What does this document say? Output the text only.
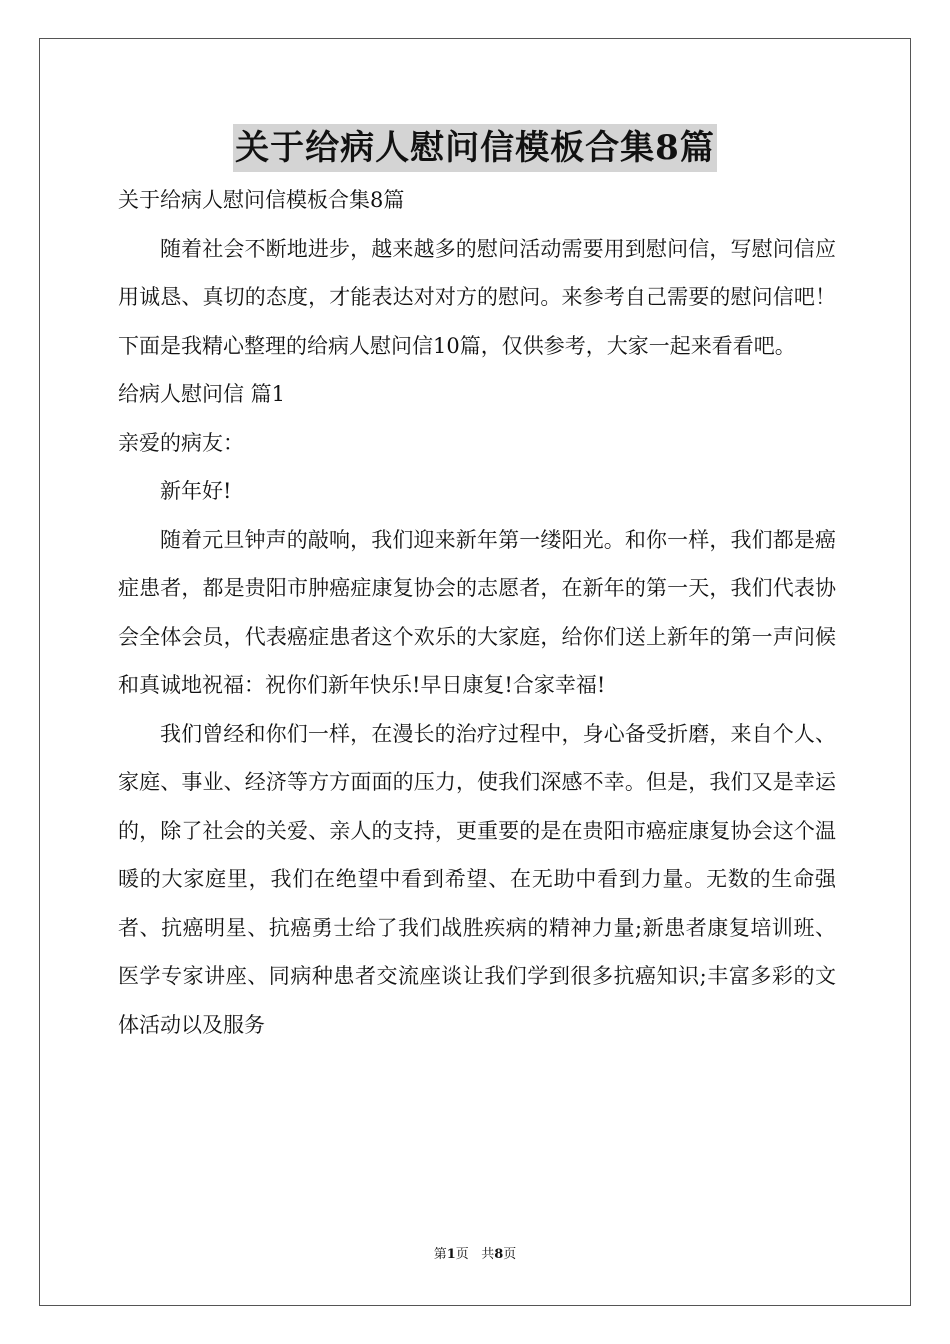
关于给病人慰问信模板合集8篇

关于给病人慰问信模板合集8篇

随着社会不断地进步，越来越多的慰问活动需要用到慰问信，写慰问信应用诚恳、真切的态度，才能表达对对方的慰问。来参考自己需要的慰问信吧！下面是我精心整理的给病人慰问信10篇，仅供参考，大家一起来看看吧。

给病人慰问信 篇1

亲爱的病友：

新年好!

随着元旦钟声的敲响，我们迎来新年第一缕阳光。和你一样，我们都是癌症患者，都是贵阳市肿癌症康复协会的志愿者，在新年的第一天，我们代表协会全体会员，代表癌症患者这个欢乐的大家庭，给你们送上新年的第一声问候和真诚地祝福：祝你们新年快乐!早日康复!合家幸福!

我们曾经和你们一样，在漫长的治疗过程中，身心备受折磨，来自个人、家庭、事业、经济等方方面面的压力，使我们深感不幸。但是，我们又是幸运的，除了社会的关爱、亲人的支持，更重要的是在贵阳市癌症康复协会这个温暖的大家庭里，我们在绝望中看到希望、在无助中看到力量。无数的生命强者、抗癌明星、抗癌勇士给了我们战胜疾病的精神力量;新患者康复培训班、医学专家讲座、同病种患者交流座谈让我们学到很多抗癌知识;丰富多彩的文体活动以及服务

第1页 共8页
